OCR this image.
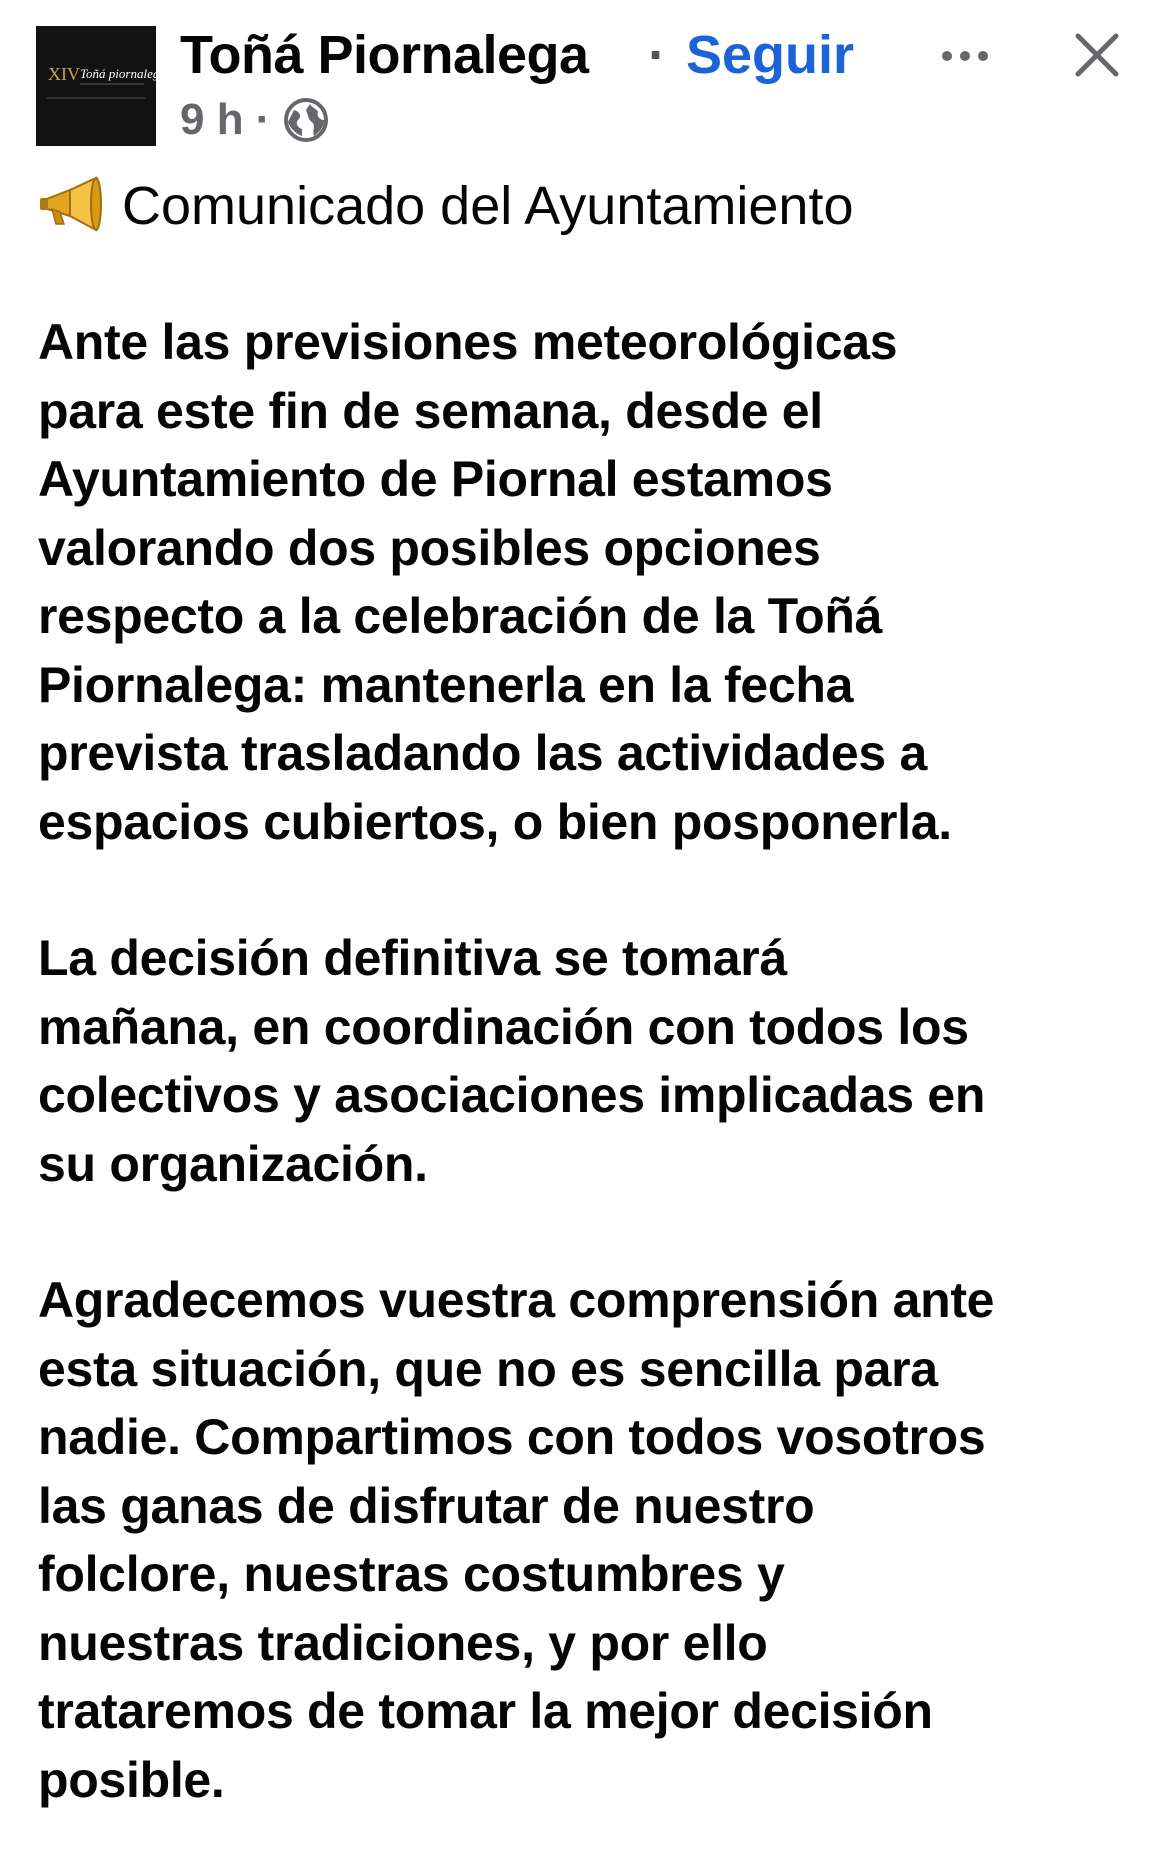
XIV Toñá piornalega Toñá Piornalega · Seguir
9 h ·
Comunicado del Ayuntamiento

Ante las previsiones meteorológicas
para este fin de semana, desde el
Ayuntamiento de Piornal estamos
valorando dos posibles opciones
respecto a la celebración de la Toñá
Piornalega: mantenerla en la fecha
prevista trasladando las actividades a
espacios cubiertos, o bien posponerla.

La decisión definitiva se tomará
mañana, en coordinación con todos los
colectivos y asociaciones implicadas en
su organización.

Agradecemos vuestra comprensión ante
esta situación, que no es sencilla para
nadie. Compartimos con todos vosotros
las ganas de disfrutar de nuestro
folclore, nuestras costumbres y
nuestras tradiciones, y por ello
trataremos de tomar la mejor decisión
posible.
